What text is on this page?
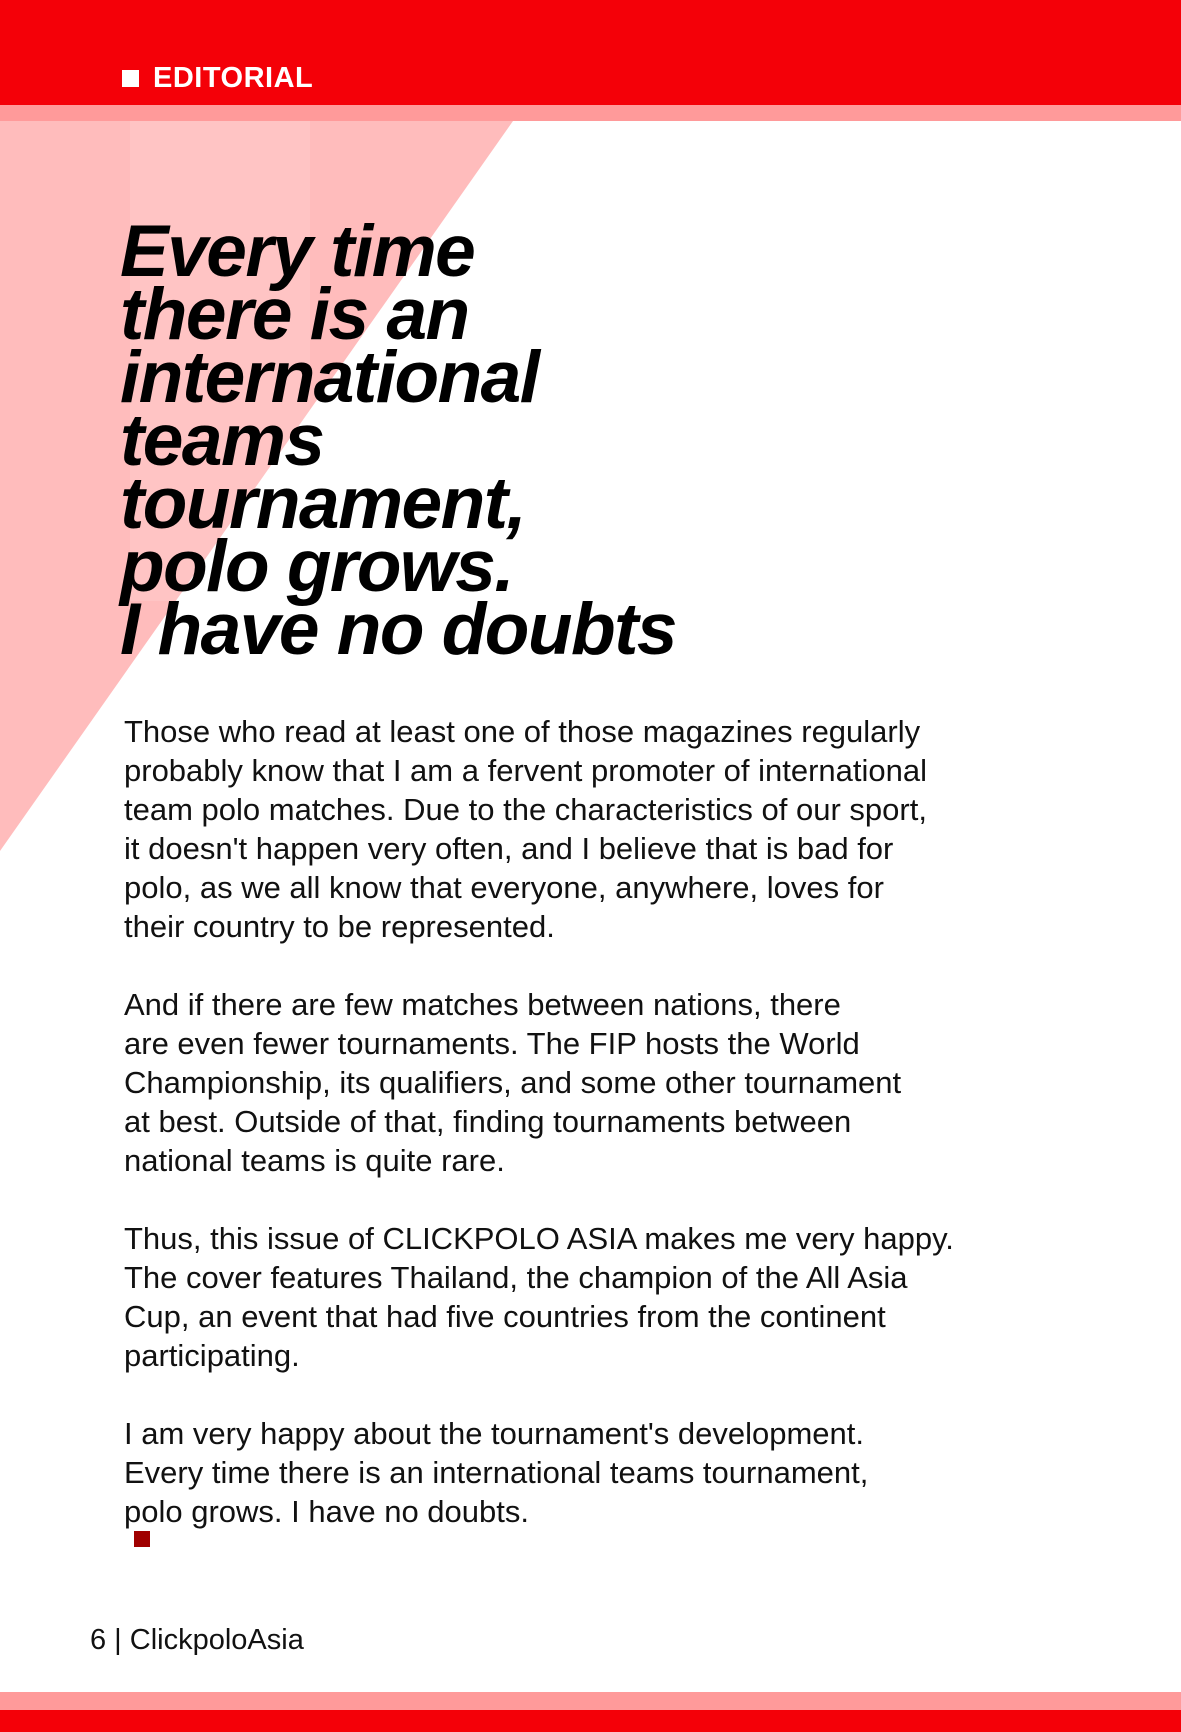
EDITORIAL
Every time
there is an
international
teams
tournament,
polo grows.
I have no doubts

Those who read at least one of those magazines regularly
probably know that I am a fervent promoter of international
team polo matches. Due to the characteristics of our sport,
it doesn't happen very often, and I believe that is bad for
polo, as we all know that everyone, anywhere, loves for
their country to be represented.

And if there are few matches between nations, there
are even fewer tournaments. The FIP hosts the World
Championship, its qualifiers, and some other tournament
at best. Outside of that, finding tournaments between
national teams is quite rare.

Thus, this issue of CLICKPOLO ASIA makes me very happy.
The cover features Thailand, the champion of the All Asia
Cup, an event that had five countries from the continent
participating.

I am very happy about the tournament's development.
Every time there is an international teams tournament,
polo grows. I have no doubts.

6 | ClickpoloAsia
